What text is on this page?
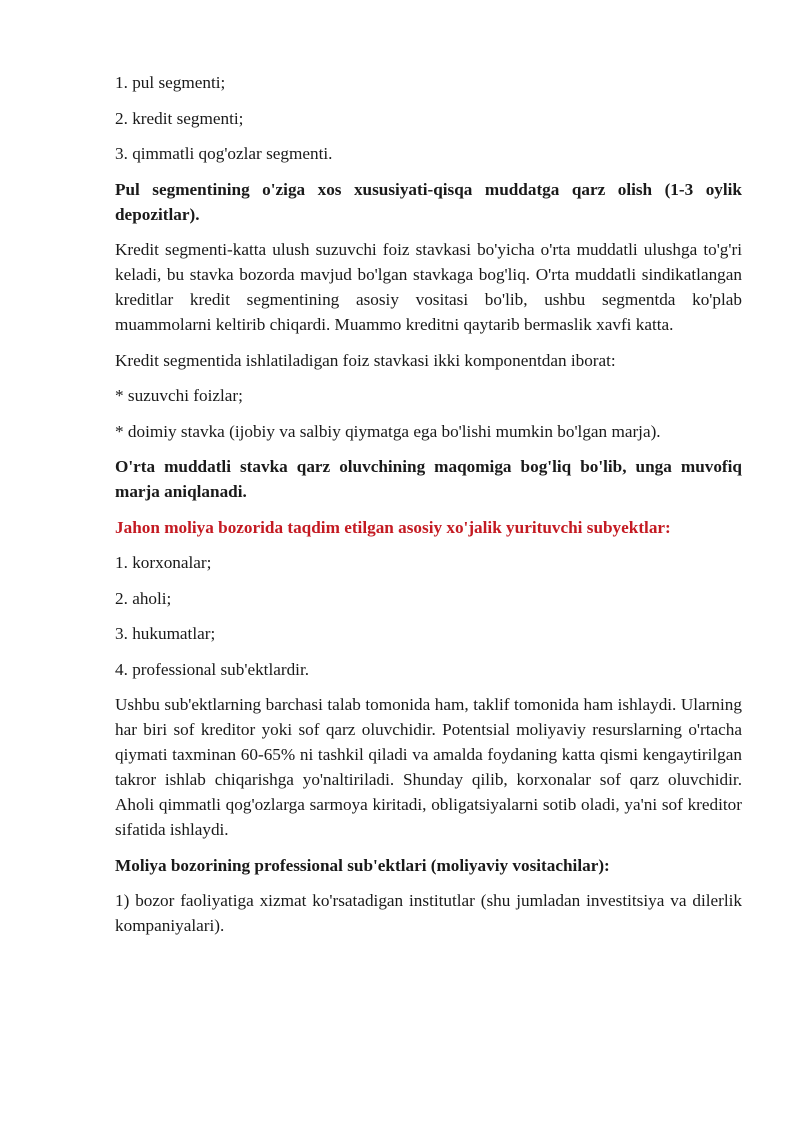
1. pul segmenti;

2. kredit segmenti;

3. qimmatli qog'ozlar segmenti.

Pul segmentining o'ziga xos xususiyati-qisqa muddatga qarz olish (1-3 oylik depozitlar).

Kredit segmenti-katta ulush suzuvchi foiz stavkasi bo'yicha o'rta muddatli ulushga to'g'ri keladi, bu stavka bozorda mavjud bo'lgan stavkaga bog'liq. O'rta muddatli sindikatlangan kreditlar kredit segmentining asosiy vositasi bo'lib, ushbu segmentda ko'plab muammolarni keltirib chiqardi. Muammo kreditni qaytarib bermaslik xavfi katta.

Kredit segmentida ishlatiladigan foiz stavkasi ikki komponentdan iborat:

* suzuvchi foizlar;

* doimiy stavka (ijobiy va salbiy qiymatga ega bo'lishi mumkin bo'lgan marja).

O'rta muddatli stavka qarz oluvchining maqomiga bog'liq bo'lib, unga muvofiq marja aniqlanadi.

Jahon moliya bozorida taqdim etilgan asosiy xo'jalik yurituvchi subyektlar:

1. korxonalar;

2. aholi;

3. hukumatlar;

4. professional sub'ektlardir.

Ushbu sub'ektlarning barchasi talab tomonida ham, taklif tomonida ham ishlaydi. Ularning har biri sof kreditor yoki sof qarz oluvchidir. Potentsial moliyaviy resurslarning o'rtacha qiymati taxminan 60-65% ni tashkil qiladi va amalda foydaning katta qismi kengaytirilgan takror ishlab chiqarishga yo'naltiriladi. Shunday qilib, korxonalar sof qarz oluvchidir. Aholi qimmatli qog'ozlarga sarmoya kiritadi, obligatsiyalarni sotib oladi, ya'ni sof kreditor sifatida ishlaydi.

Moliya bozorining professional sub'ektlari (moliyaviy vositachilar):

1) bozor faoliyatiga xizmat ko'rsatadigan institutlar (shu jumladan investitsiya va dilerlik kompaniyalari).
